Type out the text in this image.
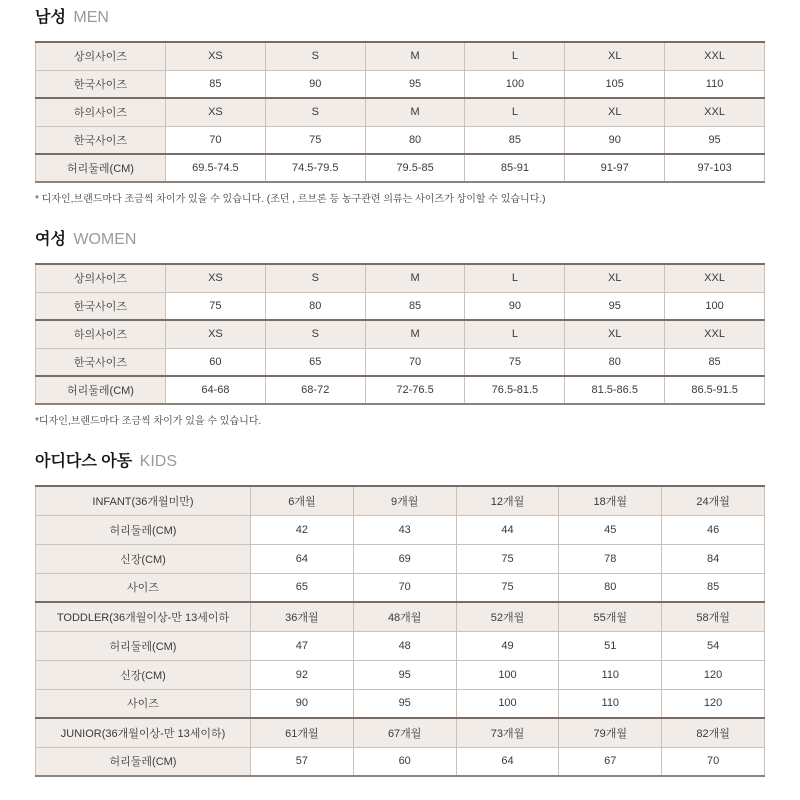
남성 MEN
상의사이즈	XS	S	M	L	XL	XXL
한국사이즈	85	90	95	100	105	110
하의사이즈	XS	S	M	L	XL	XXL
한국사이즈	70	75	80	85	90	95
허리둘레(CM)	69.5-74.5	74.5-79.5	79.5-85	85-91	91-97	97-103

* 디자인,브랜드마다 조금씩 차이가 있을 수 있습니다. (조던 , 르브론 등 농구관련 의류는 사이즈가 상이할 수 있습니다.)

여성 WOMEN
상의사이즈	XS	S	M	L	XL	XXL
한국사이즈	75	80	85	90	95	100
하의사이즈	XS	S	M	L	XL	XXL
한국사이즈	60	65	70	75	80	85
허리둘레(CM)	64-68	68-72	72-76.5	76.5-81.5	81.5-86.5	86.5-91.5

*디자인,브랜드마다 조금씩 차이가 있을 수 있습니다.

아디다스 아동 KIDS
INFANT(36개월미만)	6개월	9개월	12개월	18개월	24개월
허리둘레(CM)	42	43	44	45	46
신장(CM)	64	69	75	78	84
사이즈	65	70	75	80	85
TODDLER(36개월이상-만 13세이하	36개월	48개월	52개월	55개월	58개월
허리둘레(CM)	47	48	49	51	54
신장(CM)	92	95	100	110	120
사이즈	90	95	100	110	120
JUNIOR(36개월이상-만 13세이하)	61개월	67개월	73개월	79개월	82개월
허리둘레(CM)	57	60	64	67	70
